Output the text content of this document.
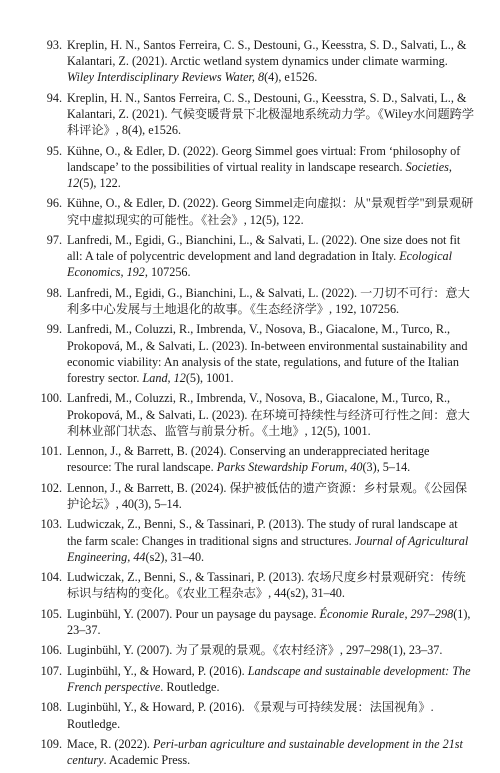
93. Kreplin, H. N., Santos Ferreira, C. S., Destouni, G., Keesstra, S. D., Salvati, L., & Kalantari, Z. (2021). Arctic wetland system dynamics under climate warming. Wiley Interdisciplinary Reviews Water, 8(4), e1526.
94. Kreplin, H. N., Santos Ferreira, C. S., Destouni, G., Keesstra, S. D., Salvati, L., & Kalantari, Z. (2021). 气候变暖背景下北极湿地系统动力学。《Wiley水问题跨学科评论》, 8(4), e1526.
95. Kühne, O., & Edler, D. (2022). Georg Simmel goes virtual: From ‘philosophy of landscape’ to the possibilities of virtual reality in landscape research. Societies, 12(5), 122.
96. Kühne, O., & Edler, D. (2022). Georg Simmel走向虚拟：从"景观哲学"到景观研究中虚拟现实的可能性。《社会》, 12(5), 122.
97. Lanfredi, M., Egidi, G., Bianchini, L., & Salvati, L. (2022). One size does not fit all: A tale of polycentric development and land degradation in Italy. Ecological Economics, 192, 107256.
98. Lanfredi, M., Egidi, G., Bianchini, L., & Salvati, L. (2022). 一刀切不可行：意大利多中心发展与土地退化的故事。《生态经济学》, 192, 107256.
99. Lanfredi, M., Coluzzi, R., Imbrenda, V., Nosova, B., Giacalone, M., Turco, R., Prokopová, M., & Salvati, L. (2023). In-between environmental sustainability and economic viability: An analysis of the state, regulations, and future of the Italian forestry sector. Land, 12(5), 1001.
100. Lanfredi, M., Coluzzi, R., Imbrenda, V., Nosova, B., Giacalone, M., Turco, R., Prokopová, M., & Salvati, L. (2023). 在环境可持续性与经济可行性之间：意大利林业部门状态、监管与前景分析。《土地》, 12(5), 1001.
101. Lennon, J., & Barrett, B. (2024). Conserving an underappreciated heritage resource: The rural landscape. Parks Stewardship Forum, 40(3), 5–14.
102. Lennon, J., & Barrett, B. (2024). 保护被低估的遗产资源：乡村景观。《公园保护论坛》, 40(3), 5–14.
103. Ludwiczak, Z., Benni, S., & Tassinari, P. (2013). The study of rural landscape at the farm scale: Changes in traditional signs and structures. Journal of Agricultural Engineering, 44(s2), 31–40.
104. Ludwiczak, Z., Benni, S., & Tassinari, P. (2013). 农场尺度乡村景观研究：传统标识与结构的变化。《农业工程杂志》, 44(s2), 31–40.
105. Luginbühl, Y. (2007). Pour un paysage du paysage. Économie Rurale, 297–298(1), 23–37.
106. Luginbühl, Y. (2007). 为了景观的景观。《农村经济》, 297–298(1), 23–37.
107. Luginbühl, Y., & Howard, P. (2016). Landscape and sustainable development: The French perspective. Routledge.
108. Luginbühl, Y., & Howard, P. (2016). 《景观与可持续发展：法国视角》. Routledge.
109. Mace, R. (2022). Peri-urban agriculture and sustainable development in the 21st century. Academic Press.
